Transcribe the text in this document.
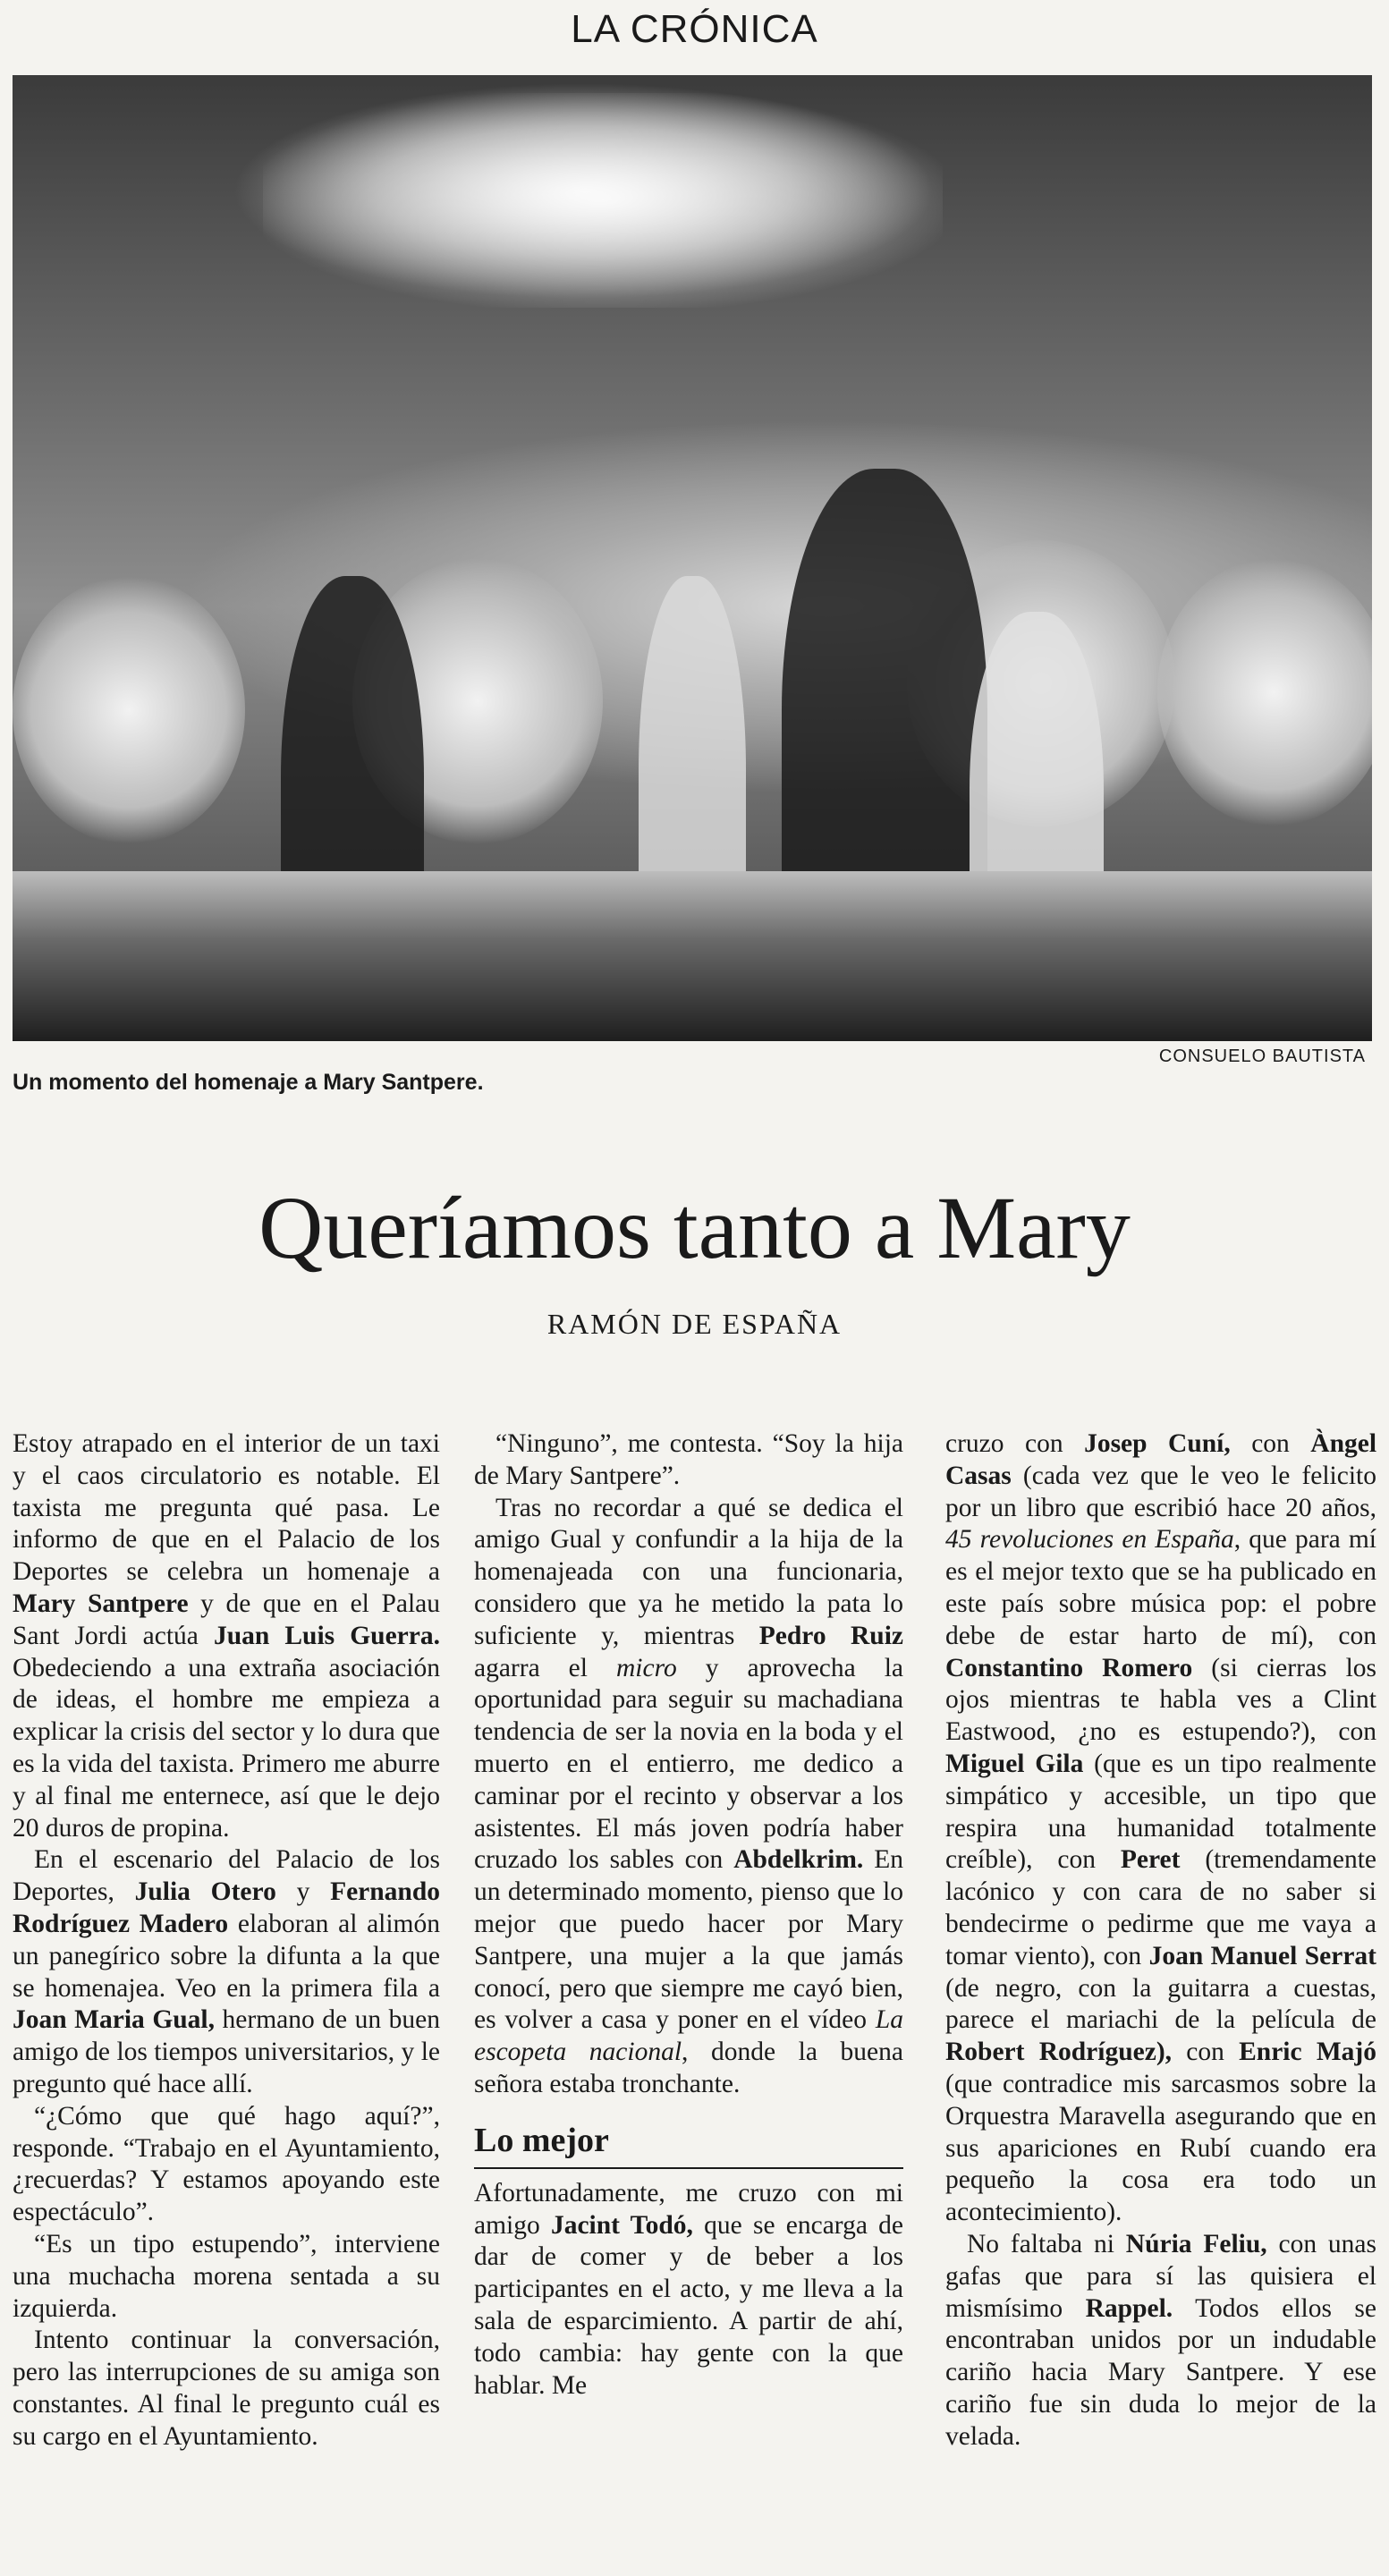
LA CRÓNICA
CONSUELO BAUTISTA
Un momento del homenaje a Mary Santpere.
Queríamos tanto a Mary
RAMÓN DE ESPAÑA

Estoy atrapado en el interior de un taxi y el caos circulatorio es notable. El taxista me pregunta qué pasa. Le informo de que en el Palacio de los Deportes se celebra un homenaje a Mary Santpere y de que en el Palau Sant Jordi actúa Juan Luis Guerra. Obedeciendo a una extraña asociación de ideas, el hombre me empieza a explicar la crisis del sector y lo dura que es la vida del taxista. Primero me aburre y al final me enternece, así que le dejo 20 duros de propina.

En el escenario del Palacio de los Deportes, Julia Otero y Fernando Rodríguez Madero elaboran al alimón un panegírico sobre la difunta a la que se homenajea. Veo en la primera fila a Joan Maria Gual, hermano de un buen amigo de los tiempos universitarios, y le pregunto qué hace allí.

“¿Cómo que qué hago aquí?”, responde. “Trabajo en el Ayuntamiento, ¿recuerdas? Y estamos apoyando este espectáculo”.

“Es un tipo estupendo”, interviene una muchacha morena sentada a su izquierda.

Intento continuar la conversación, pero las interrupciones de su amiga son constantes. Al final le pregunto cuál es su cargo en el Ayuntamiento.

“Ninguno”, me contesta. “Soy la hija de Mary Santpere”.

Tras no recordar a qué se dedica el amigo Gual y confundir a la hija de la homenajeada con una funcionaria, considero que ya he metido la pata lo suficiente y, mientras Pedro Ruiz agarra el micro y aprovecha la oportunidad para seguir su machadiana tendencia de ser la novia en la boda y el muerto en el entierro, me dedico a caminar por el recinto y observar a los asistentes. El más joven podría haber cruzado los sables con Abdelkrim. En un determinado momento, pienso que lo mejor que puedo hacer por Mary Santpere, una mujer a la que jamás conocí, pero que siempre me cayó bien, es volver a casa y poner en el vídeo La escopeta nacional, donde la buena señora estaba tronchante.

Lo mejor

Afortunadamente, me cruzo con mi amigo Jacint Todó, que se encarga de dar de comer y de beber a los participantes en el acto, y me lleva a la sala de esparcimiento. A partir de ahí, todo cambia: hay gente con la que hablar. Me

cruzo con Josep Cuní, con Àngel Casas (cada vez que le veo le felicito por un libro que escribió hace 20 años, 45 revoluciones en España, que para mí es el mejor texto que se ha publicado en este país sobre música pop: el pobre debe de estar harto de mí), con Constantino Romero (si cierras los ojos mientras te habla ves a Clint Eastwood, ¿no es estupendo?), con Miguel Gila (que es un tipo realmente simpático y accesible, un tipo que respira una humanidad totalmente creíble), con Peret (tremendamente lacónico y con cara de no saber si bendecirme o pedirme que me vaya a tomar viento), con Joan Manuel Serrat (de negro, con la guitarra a cuestas, parece el mariachi de la película de Robert Rodríguez), con Enric Majó (que contradice mis sarcasmos sobre la Orquestra Maravella asegurando que en sus apariciones en Rubí cuando era pequeño la cosa era todo un acontecimiento).

No faltaba ni Núria Feliu, con unas gafas que para sí las quisiera el mismísimo Rappel. Todos ellos se encontraban unidos por un indudable cariño hacia Mary Santpere. Y ese cariño fue sin duda lo mejor de la velada.
